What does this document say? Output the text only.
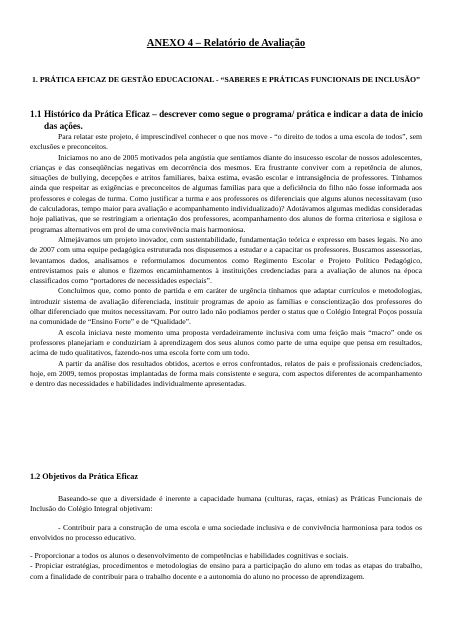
ANEXO 4 – Relatório de Avaliação
1. PRÁTICA EFICAZ DE GESTÃO EDUCACIONAL - “SABERES E PRÁTICAS FUNCIONAIS DE INCLUSÃO”
1.1 Histórico da Prática Eficaz – descrever como segue o programa/ prática e indicar a data de inicio das ações.

Para relatar este projeto, é imprescindível conhecer o que nos move - “o direito de todos a uma escola de todos”, sem exclusões e preconceitos.

Iniciamos no ano de 2005 motivados pela angústia que sentíamos diante do insucesso escolar de nossos adolescentes, crianças e das conseqüências negativas em decorrência dos mesmos. Era frustrante conviver com a repetência de alunos, situações de bullying, decepções e atritos familiares, baixa estima, evasão escolar e intransigência de professores. Tínhamos ainda que respeitar as exigências e preconceitos de algumas famílias para que a deficiência do filho não fosse informada aos professores e colegas de turma. Como justificar a turma e aos professores os diferenciais que alguns alunos necessitavam (uso de calculadoras, tempo maior para avaliação e acompanhamento individualizado)? Adotávamos algumas medidas consideradas hoje paliativas, que se restringiam a orientação dos professores, acompanhamento dos alunos de forma criteriosa e sigilosa e programas alternativos em prol de uma convivência mais harmoniosa.

Almejávamos um projeto inovador, com sustentabilidade, fundamentação teórica e expresso em bases legais. No ano de 2007 com uma equipe pedagógica estruturada nos dispusemos a estudar e a capacitar os professores. Buscamos assessorias, levantamos dados, analisamos e reformulamos documentos como Regimento Escolar e Projeto Político Pedagógico, entrevistamos pais e alunos e fizemos encaminhamentos à instituições credenciadas para a avaliação de alunos na época classificados como “portadores de necessidades especiais”.

Concluímos que, como ponto de partida e em caráter de urgência tínhamos que adaptar currículos e metodologias, introduzir sistema de avaliação diferenciada, instituir programas de apoio as famílias e conscientização dos professores do olhar diferenciado que muitos necessitavam. Por outro lado não podíamos perder o status que o Colégio Integral Poços possuía na comunidade de “Ensino Forte” e de “Qualidade”.

A escola iniciava neste momento uma proposta verdadeiramente inclusiva com uma feição mais “macro” onde os professores planejariam e conduziriam à aprendizagem dos seus alunos como parte de uma equipe que pensa em resultados, acima de tudo qualitativos, fazendo-nos uma escola forte com um todo.

A partir da análise dos resultados obtidos, acertos e erros confrontados, relatos de pais e profissionais credenciados, hoje, em 2009, temos propostas implantadas de forma mais consistente e segura, com aspectos diferentes de acompanhamento e dentro das necessidades e habilidades individualmente apresentadas.

1.2 Objetivos da Prática Eficaz

Baseando-se que a diversidade é inerente a capacidade humana (culturas, raças, etnias) as Práticas Funcionais de Inclusão do Colégio Integral objetivam:

- Contribuir para a construção de uma escola e uma sociedade inclusiva e de convivência harmoniosa para todos os envolvidos no processo educativo.

- Proporcionar a todos os alunos o desenvolvimento de competências e habilidades cognitivas e sociais.

- Propiciar estratégias, procedimentos e metodologias de ensino para a participação do aluno em todas as etapas do trabalho, com a finalidade de contribuir para o trabalho docente e a autonomia do aluno no processo de aprendizagem.
